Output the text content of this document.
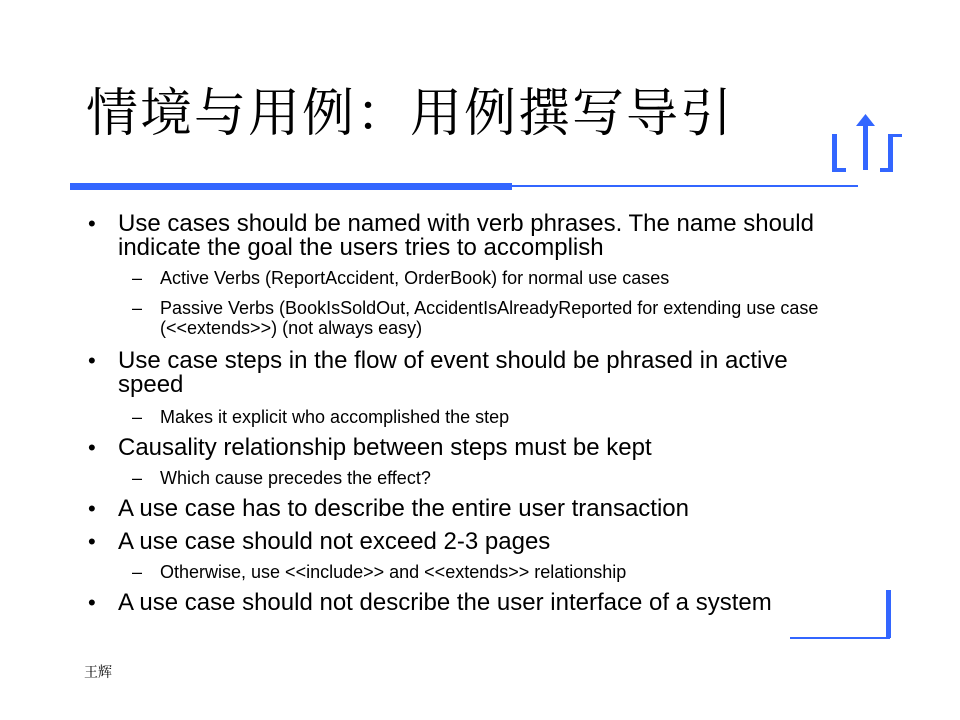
情境与用例：用例撰写导引
• Use cases should be named with verb phrases. The name should indicate the goal the users tries to accomplish
– Active Verbs (ReportAccident, OrderBook) for normal use cases
– Passive Verbs (BookIsSoldOut, AccidentIsAlreadyReported for extending use case (<<extends>>) (not always easy)
• Use case steps in the flow of event should be phrased in active speed
– Makes it explicit who accomplished the step
• Causality relationship between steps must be kept
– Which cause precedes the effect?
• A use case has to describe the entire user transaction
• A use case should not exceed 2-3 pages
– Otherwise, use <<include>> and <<extends>> relationship
• A use case should not describe the user interface of a system
王辉
